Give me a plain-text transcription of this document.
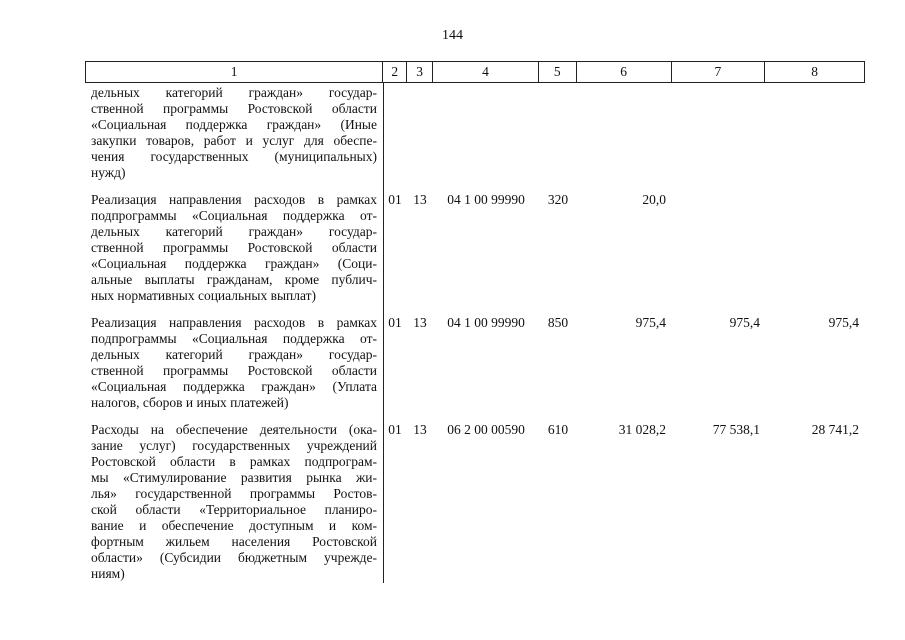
144
1	2	3	4	5	6	7	8
дельных категорий граждан» государ-
ственной программы Ростовской области
«Социальная поддержка граждан» (Иные
закупки товаров, работ и услуг для обеспе-
чения государственных (муниципальных)
нужд)
Реализация направления расходов в рамках
подпрограммы «Социальная поддержка от-
дельных категорий граждан» государ-
ственной программы Ростовской области
«Социальная поддержка граждан» (Соци-
альные выплаты гражданам, кроме публич-
ных нормативных социальных выплат)
01 13	04 1 00 99990	320	20,0
Реализация направления расходов в рамках
подпрограммы «Социальная поддержка от-
дельных категорий граждан» государ-
ственной программы Ростовской области
«Социальная поддержка граждан» (Уплата
налогов, сборов и иных платежей)
01 13	04 1 00 99990	850	975,4	975,4	975,4
Расходы на обеспечение деятельности (ока-
зание услуг) государственных учреждений
Ростовской области в рамках подпрограм-
мы «Стимулирование развития рынка жи-
лья» государственной программы Ростов-
ской области «Территориальное планиро-
вание и обеспечение доступным и ком-
фортным жильем населения Ростовской
области» (Субсидии бюджетным учрежде-
ниям)
01 13	06 2 00 00590	610	31 028,2	77 538,1	28 741,2
